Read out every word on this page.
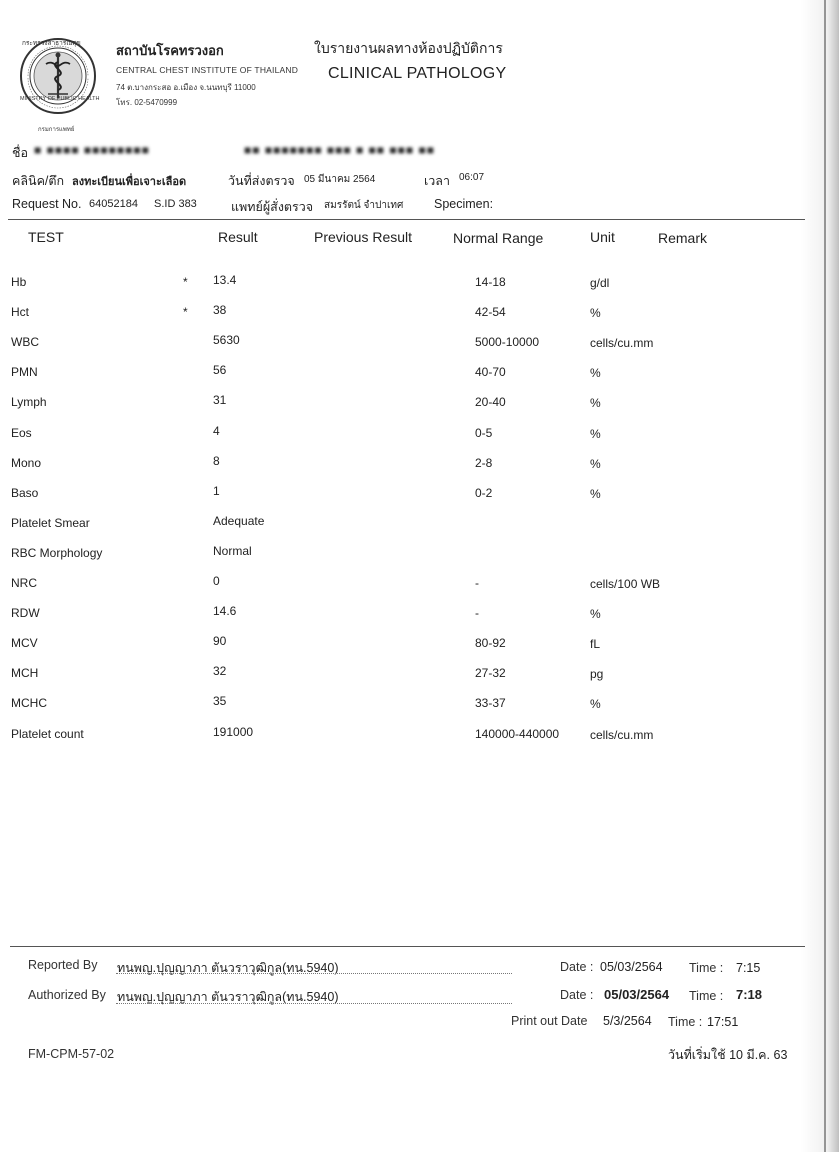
กระทรวงสาธารณสุข
MINISTRY OF PUBLIC HEALTH
กรมการแพทย์
สถาบันโรคทรวงอก
CENTRAL CHEST INSTITUTE OF THAILAND
74 ต.บางกระสอ อ.เมือง จ.นนทบุรี 11000
โทร. 02-5470999
ใบรายงานผลทางห้องปฏิบัติการ
CLINICAL PATHOLOGY
ชื่อ ■ ■■■■ ■■■■■■■■	■■ ■■■■■■■ ■■■ ■ ■■ ■■■ ■■
คลินิค/ตึก ลงทะเบียนเพื่อเจาะเลือด	วันที่ส่งตรวจ 05 มีนาคม 2564	เวลา 06:07
Request No. 64052184 S.ID 383	แพทย์ผู้สั่งตรวจ สมรรัตน์ จำปาเทศ Specimen:
TEST	Result	Previous Result	Normal Range	Unit	Remark
Hb	* 13.4	14-18	g/dl
Hct	* 38	42-54	%
WBC	5630	5000-10000	cells/cu.mm
PMN	56	40-70	%
Lymph	31	20-40	%
Eos	4	0-5	%
Mono	8	2-8	%
Baso	1	0-2	%
Platelet Smear	Adequate
RBC Morphology	Normal
NRC	0	-	cells/100 WB
RDW	14.6	-	%
MCV	90	80-92	fL
MCH	32	27-32	pg
MCHC	35	33-37	%
Platelet count	191000	140000-440000	cells/cu.mm
Reported By ทนพญ.ปุญญาภา ตันวราวุฒิกูล(ทน.5940)	Date : 05/03/2564 Time : 7:15
Authorized By ทนพญ.ปุญญาภา ตันวราวุฒิกูล(ทน.5940)	Date : 05/03/2564 Time : 7:18
Print out Date 5/3/2564 Time : 17:51
FM-CPM-57-02	วันที่เริ่มใช้ 10 มี.ค. 63
